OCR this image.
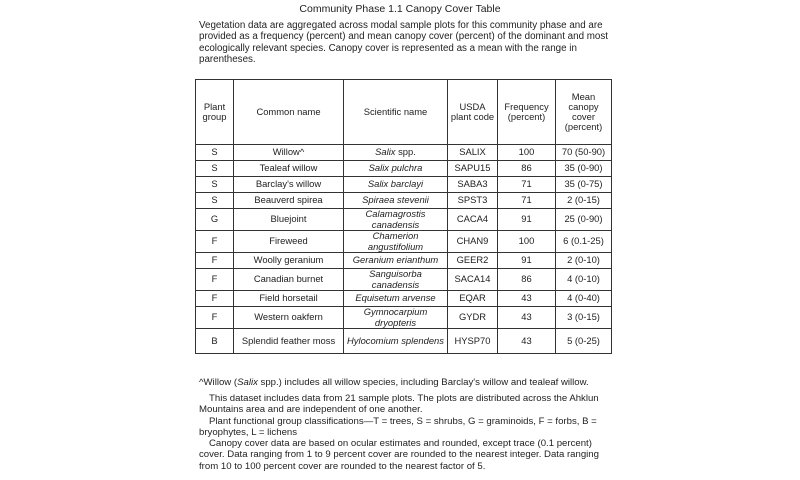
Community Phase 1.1 Canopy Cover Table
Vegetation data are aggregated across modal sample plots for this community phase and are provided as a frequency (percent) and mean canopy cover (percent) of the dominant and most ecologically relevant species. Canopy cover is represented as a mean with the range in parentheses.
Plant group	Common name	Scientific name	USDA plant code	Frequency (percent)	Mean canopy cover (percent)
S	Willow^	Salix spp.	SALIX	100	70 (50-90)
S	Tealeaf willow	Salix pulchra	SAPU15	86	35 (0-90)
S	Barclay's willow	Salix barclayi	SABA3	71	35 (0-75)
S	Beauverd spirea	Spiraea stevenii	SPST3	71	2 (0-15)
G	Bluejoint	Calamagrostis canadensis	CACA4	91	25 (0-90)
F	Fireweed	Chamerion angustifolium	CHAN9	100	6 (0.1-25)
F	Woolly geranium	Geranium erianthum	GEER2	91	2 (0-10)
F	Canadian burnet	Sanguisorba canadensis	SACA14	86	4 (0-10)
F	Field horsetail	Equisetum arvense	EQAR	43	4 (0-40)
F	Western oakfern	Gymnocarpium dryopteris	GYDR	43	3 (0-15)
B	Splendid feather moss	Hylocomium splendens	HYSP70	43	5 (0-25)
^Willow (Salix spp.) includes all willow species, including Barclay's willow and tealeaf willow.

This dataset includes data from 21 sample plots. The plots are distributed across the Ahklun Mountains area and are independent of one another.

Plant functional group classifications—T = trees, S = shrubs, G = graminoids, F = forbs, B = bryophytes, L = lichens

Canopy cover data are based on ocular estimates and rounded, except trace (0.1 percent) cover. Data ranging from 1 to 9 percent cover are rounded to the nearest integer. Data ranging from 10 to 100 percent cover are rounded to the nearest factor of 5.
